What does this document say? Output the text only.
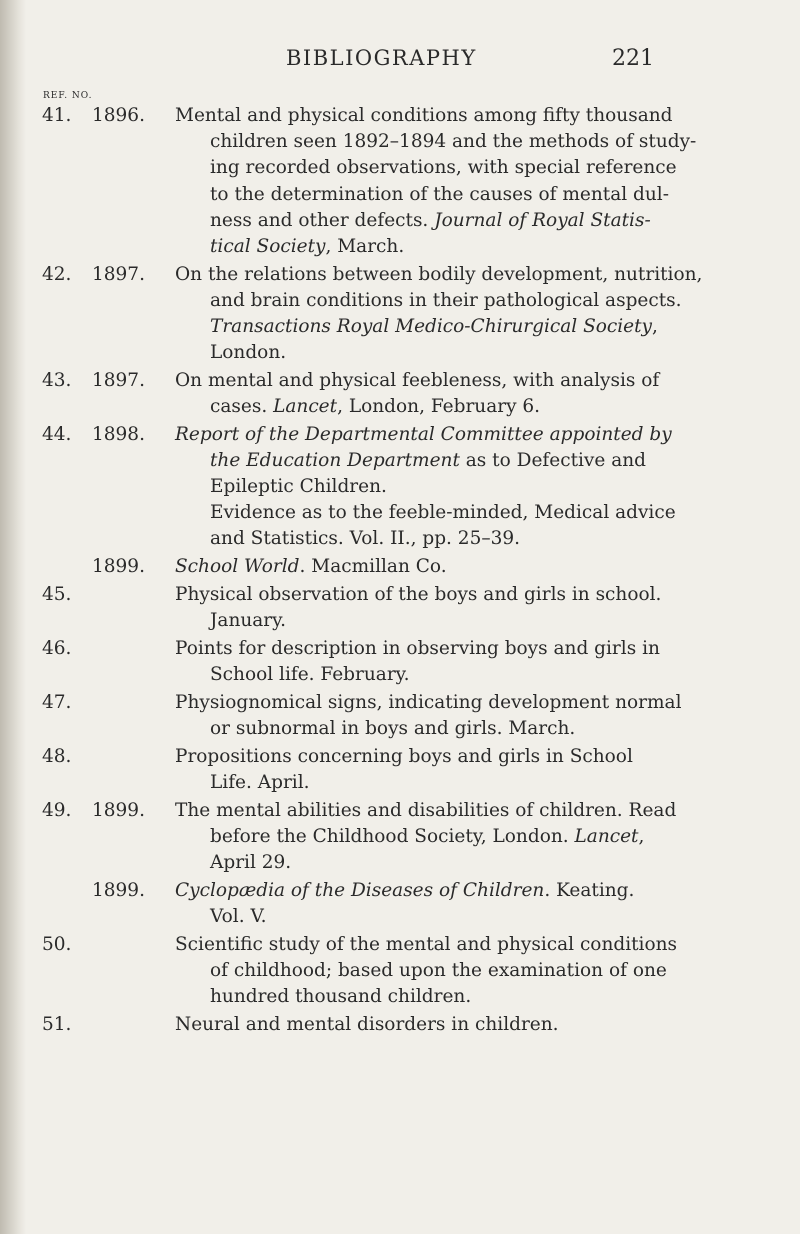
BIBLIOGRAPHY	221
REF. NO.
41. 1896. Mental and physical conditions among fifty thousand
children seen 1892–1894 and the methods of study-
ing recorded observations, with special reference
to the determination of the causes of mental dul-
ness and other defects. Journal of Royal Statis-
tical Society, March.
42. 1897. On the relations between bodily development, nutrition,
and brain conditions in their pathological aspects.
Transactions Royal Medico-Chirurgical Society,
London.
43. 1897. On mental and physical feebleness, with analysis of
cases. Lancet, London, February 6.
44. 1898. Report of the Departmental Committee appointed by
the Education Department as to Defective and
Epileptic Children.
Evidence as to the feeble-minded, Medical advice
and Statistics. Vol. II., pp. 25–39.
1899. School World. Macmillan Co.
45.	Physical observation of the boys and girls in school.
January.
46.	Points for description in observing boys and girls in
School life. February.
47.	Physiognomical signs, indicating development normal
or subnormal in boys and girls. March.
48.	Propositions concerning boys and girls in School
Life. April.
49. 1899. The mental abilities and disabilities of children. Read
before the Childhood Society, London. Lancet,
April 29.
1899. Cyclopædia of the Diseases of Children. Keating.
Vol. V.
50.	Scientific study of the mental and physical conditions
of childhood; based upon the examination of one
hundred thousand children.
51.	Neural and mental disorders in children.
